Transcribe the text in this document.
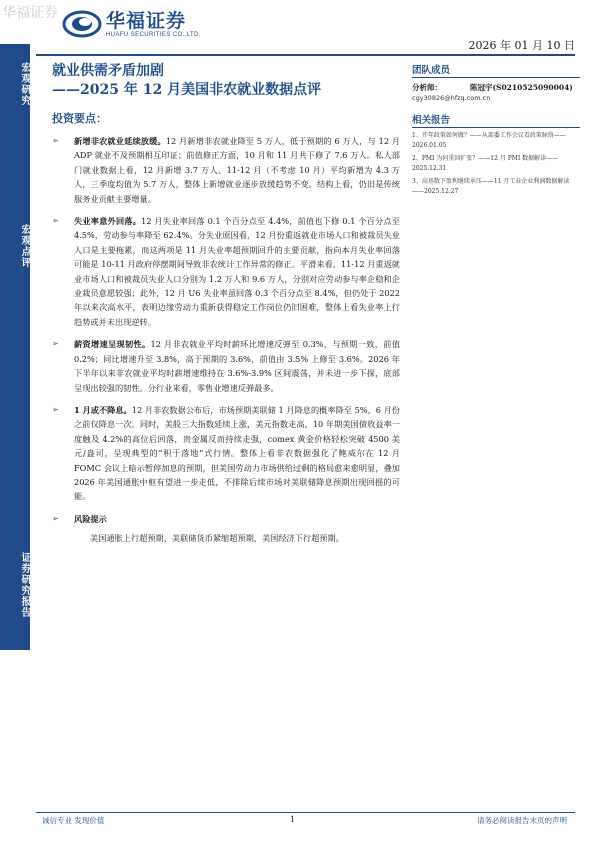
华福证券	华福证券
HUAFU SECURITIES CO.,LTD.
2026 年 01 月 10 日
宏观研究
宏观点评
证券研究报告
就业供需矛盾加剧
——2025 年 12 月美国非农就业数据点评
投资要点：
➢	新增非农就业延续放缓。12 月新增非农就业降至 5 万人，低于预期的 6 万人，与 12 月 ADP 就业不及预期相互印证；前值修正方面，10 月和 11 月共下修了 7.6 万人。私人部门就业数据上看，12 月新增 3.7 万人、11-12 月（不考虑 10 月）平均新增为 4.3 万人，三季度均值为 5.7 万人，整体上新增就业逐步放缓趋势不变。结构上看，仍旧是传统服务业贡献主要增量。
➢	失业率意外回落。12 月失业率回落 0.1 个百分点至 4.4%，前值也下修 0.1 个百分点至 4.5%，劳动参与率降至 62.4%。分失业原因看，12 月份重返就业市场人口和被裁员失业人口是主要拖累，而这两项是 11 月失业率超预期回升的主要贡献，指向本月失业率回落可能是 10-11 月政府停摆期间导致非农统计工作异常的修正。平滑来看，11-12 月重返就业市场人口和被裁员失业人口分别为 1.2 万人和 9.6 万人，分别对应劳动参与率企稳和企业裁员意愿较强；此外，12 月 U6 失业率虽回落 0.3 个百分点至 8.4%，但仍处于 2022 年以来次高水平，表明边缘劳动力重新获得稳定工作岗位仍旧困难，整体上看失业率上行趋势或并未出现逆转。
➢	薪资增速呈现韧性。12 月非农就业平均时薪环比增速反弹至 0.3%，与预期一致，前值 0.2%；同比增速升至 3.8%，高于预期的 3.6%，前值由 3.5% 上修至 3.6%。2026 年下半年以来非农就业平均时薪增速维持在 3.6%-3.9% 区间震荡，并未进一步下探，底部呈现出较强的韧性。分行业来看，零售业增速反弹最多。
➢	1 月或不降息。12 月非农数据公布后，市场预期美联储 1 月降息的概率降至 5%，6 月份之前仅降息一次。同时，美股三大指数延续上涨，美元指数走高，10 年期美国债收益率一度触及 4.2%的高位后回落，贵金属反而持续走强，comex 黄金价格轻松突破 4500 美元/盎司，呈现典型的“积于落地”式行情。整体上看非农数据强化了鲍威尔在 12 月 FOMC 会议上暗示暂停加息的预期，但美国劳动力市场供给过剩的格局愈来愈明显，叠加 2026 年美国通胀中枢有望进一步走低，不排除后续市场对美联储降息预期出现回摇的可能。
➢	风险提示
美国通胀上行超预期，美联储货币紧缩超预期，美国经济下行超预期。
团队成员
分析师：	陈冠宇(S0210525090004)
cgy30826@hfzq.com.cn
相关报告
1、开年政策如何做？——从部委工作会议看政策脉络——2026.01.05
2、PMI 为何重回扩张？——12 月 PMI 数据解读——2025.12.31
3、高基数下盈利继续承压——11 月工业企业利润数据解读——2025.12.27
诚信专业 发现价值	1	请务必阅读报告末页的声明
